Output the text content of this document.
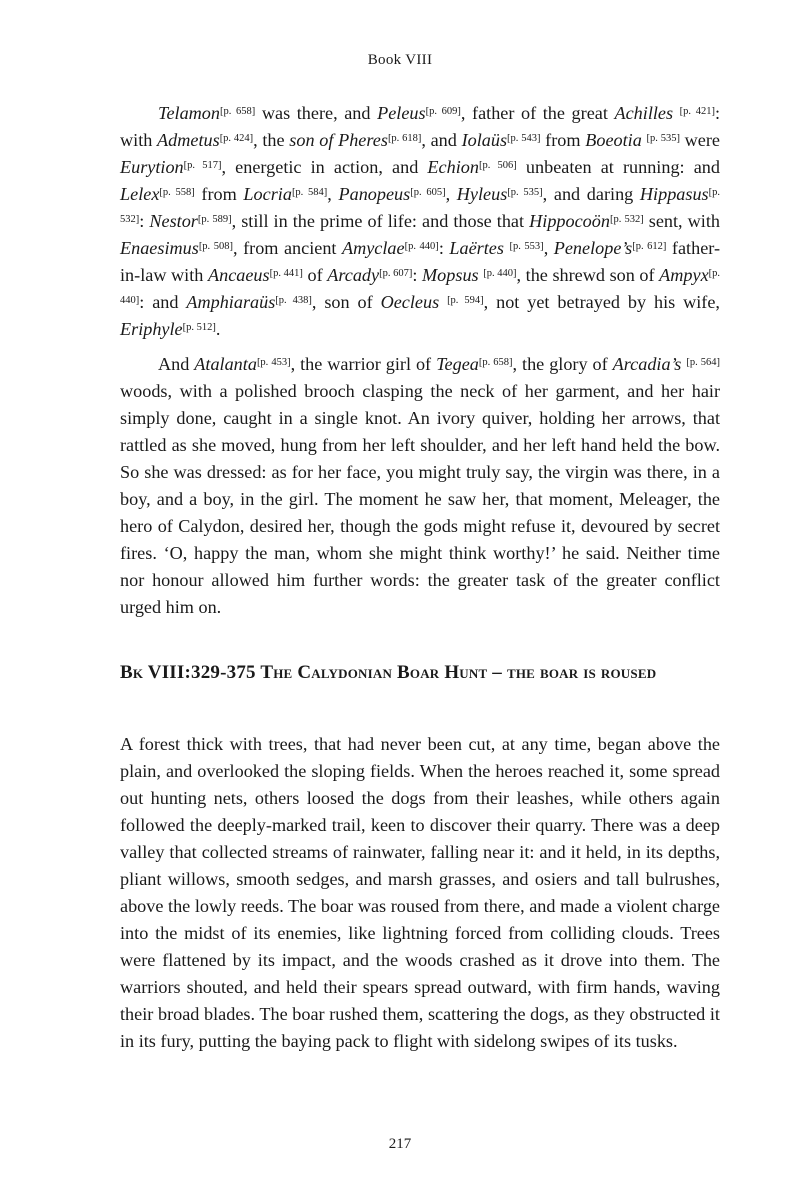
Book VIII

Telamon[p. 658] was there, and Peleus[p. 609], father of the great Achilles [p. 421]: with Admetus[p. 424], the son of Pheres[p. 618], and Iolaüs[p. 543] from Boeotia [p. 535] were Eurytion[p. 517], energetic in action, and Echion[p. 506] unbeaten at running: and Lelex[p. 558] from Locria[p. 584], Panopeus[p. 605], Hyleus[p. 535], and daring Hippasus[p. 532]: Nestor[p. 589], still in the prime of life: and those that Hippocoön[p. 532] sent, with Enaesimus[p. 508], from ancient Amyclae[p. 440]: Laërtes [p. 553], Penelope’s[p. 612] father-in-law with Ancaeus[p. 441] of Arcady[p. 607]: Mopsus [p. 440], the shrewd son of Ampyx[p. 440]: and Amphiaraüs[p. 438], son of Oecleus [p. 594], not yet betrayed by his wife, Eriphyle[p. 512].

And Atalanta[p. 453], the warrior girl of Tegea[p. 658], the glory of Arcadia’s [p. 564] woods, with a polished brooch clasping the neck of her garment, and her hair simply done, caught in a single knot. An ivory quiver, holding her arrows, that rattled as she moved, hung from her left shoulder, and her left hand held the bow. So she was dressed: as for her face, you might truly say, the virgin was there, in a boy, and a boy, in the girl. The moment he saw her, that moment, Meleager, the hero of Calydon, desired her, though the gods might refuse it, devoured by secret fires. ‘O, happy the man, whom she might think worthy!’ he said. Neither time nor honour allowed him further words: the greater task of the greater conflict urged him on.

Bk VIII:329-375 The Calydonian Boar Hunt – the boar is roused

A forest thick with trees, that had never been cut, at any time, began above the plain, and overlooked the sloping fields. When the heroes reached it, some spread out hunting nets, others loosed the dogs from their leashes, while others again followed the deeply-marked trail, keen to discover their quarry. There was a deep valley that collected streams of rainwater, falling near it: and it held, in its depths, pliant willows, smooth sedges, and marsh grasses, and osiers and tall bulrushes, above the lowly reeds. The boar was roused from there, and made a violent charge into the midst of its enemies, like lightning forced from colliding clouds. Trees were flattened by its impact, and the woods crashed as it drove into them. The warriors shouted, and held their spears spread outward, with firm hands, waving their broad blades. The boar rushed them, scattering the dogs, as they obstructed it in its fury, putting the baying pack to flight with sidelong swipes of its tusks.

217
